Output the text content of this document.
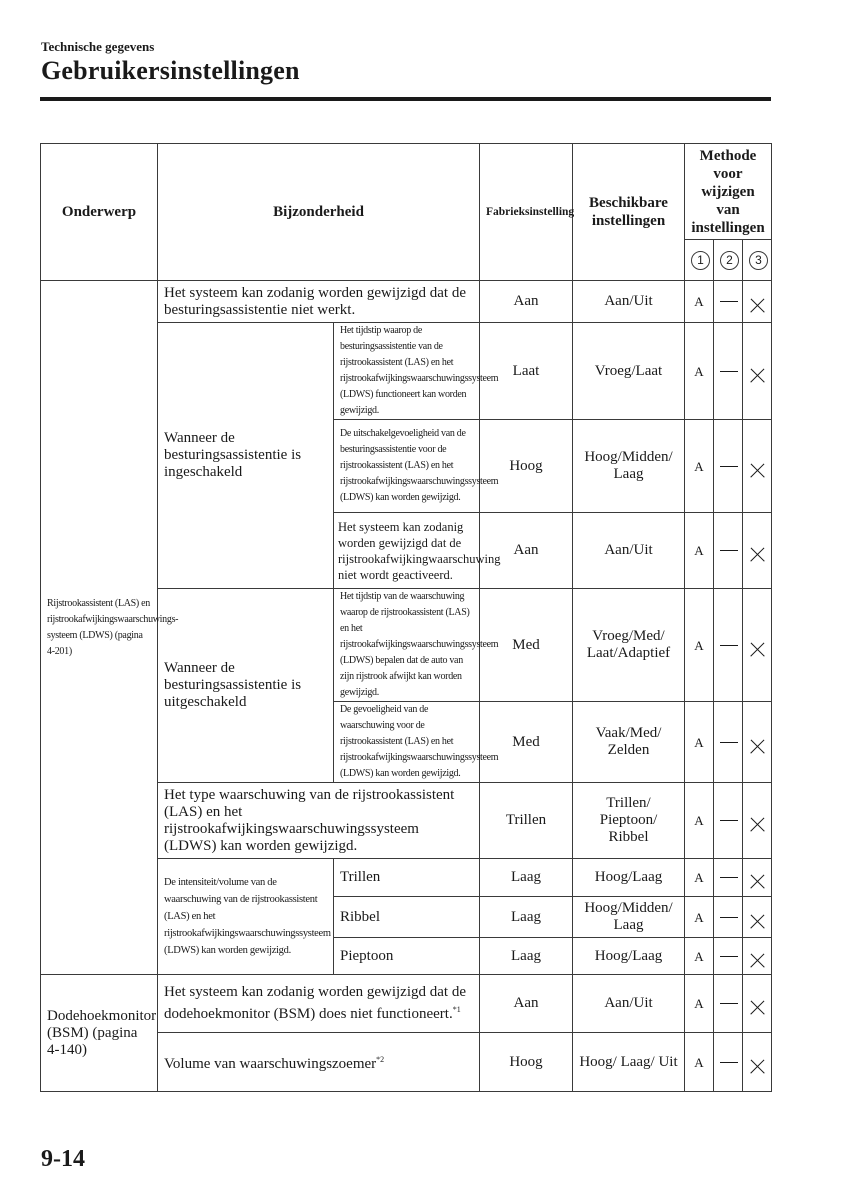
Technische gegevens
Gebruikersinstellingen
Onderwerp	Bijzonderheid		Fabrieksinstelling	Beschikbare instellingen	Methode voor wijzigen van instellingen		
					1	2	3
Rijstrookassistent (LAS) en rijstrookafwijkingswaarschuwings-systeem (LDWS) (pagina 4-201)	Het systeem kan zodanig worden gewijzigd dat de besturingsassistentie niet werkt.		Aan	Aan/Uit	A		
	Wanneer de besturingsassistentie is ingeschakeld	Het tijdstip waarop de besturingsassistentie van de rijstrookassistent (LAS) en het rijstrookafwijkingswaarschuwingssysteem (LDWS) functioneert kan worden gewijzigd.	Laat	Vroeg/Laat	A		
		De uitschakelgevoeligheid van de besturingsassistentie voor de rijstrookassistent (LAS) en het rijstrookafwijkingswaarschuwingssysteem (LDWS) kan worden gewijzigd.	Hoog	Hoog/Midden/ Laag	A		
		Het systeem kan zodanig worden gewijzigd dat de rijstrookafwijkingwaarschuwing niet wordt geactiveerd.	Aan	Aan/Uit	A		
	Wanneer de besturingsassistentie is uitgeschakeld	Het tijdstip van de waarschuwing waarop de rijstrookassistent (LAS) en het rijstrookafwijkingswaarschuwingssysteem (LDWS) bepalen dat de auto van zijn rijstrook afwijkt kan worden gewijzigd.	Med	Vroeg/Med/ Laat/Adaptief	A		
		De gevoeligheid van de waarschuwing voor de rijstrookassistent (LAS) en het rijstrookafwijkingswaarschuwingssysteem (LDWS) kan worden gewijzigd.	Med	Vaak/Med/ Zelden	A		
	Het type waarschuwing van de rijstrookassistent (LAS) en het rijstrookafwijkingswaarschuwingssysteem (LDWS) kan worden gewijzigd.		Trillen	Trillen/ Pieptoon/ Ribbel	A		
	De intensiteit/volume van de waarschuwing van de rijstrookassistent (LAS) en het rijstrookafwijkingswaarschuwingssysteem (LDWS) kan worden gewijzigd.	Trillen	Laag	Hoog/Laag	A		
		Ribbel	Laag	Hoog/Midden/ Laag	A		
		Pieptoon	Laag	Hoog/Laag	A		
Dodehoekmonitor (BSM) (pagina 4-140)	Het systeem kan zodanig worden gewijzigd dat de dodehoekmonitor (BSM) does niet functioneert.$^{*1}$		Aan	Aan/Uit	A		
	Volume van waarschuwingszoemer$^{*2}$		Hoog	Hoog/ Laag/ Uit	A		
9-14
